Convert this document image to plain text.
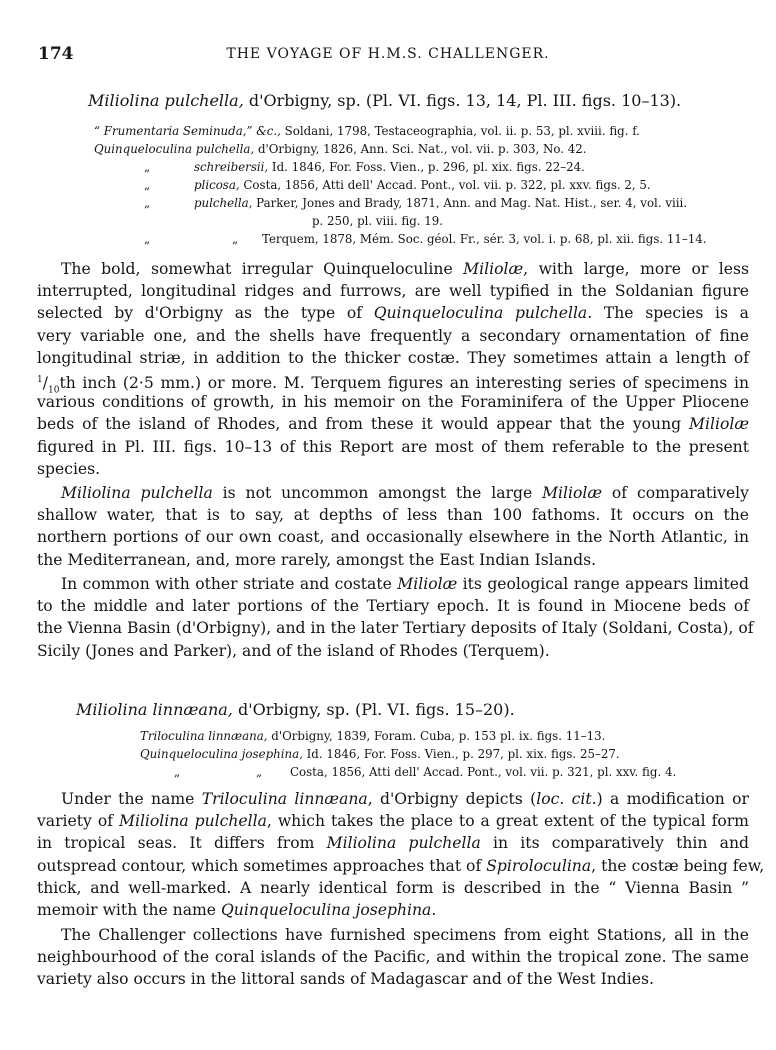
174	THE VOYAGE OF H.M.S. CHALLENGER.
Miliolina pulchella, d'Orbigny, sp. (Pl. VI. figs. 13, 14, Pl. III. figs. 10–13).
“ Frumentaria Seminuda,” &c., Soldani, 1798, Testaceographia, vol. ii. p. 53, pl. xviii. fig. f.
Quinqueloculina pulchella, d'Orbigny, 1826, Ann. Sci. Nat., vol. vii. p. 303, No. 42.
„	schreibersii, Id. 1846, For. Foss. Vien., p. 296, pl. xix. figs. 22–24.
„	plicosa, Costa, 1856, Atti dell' Accad. Pont., vol. vii. p. 322, pl. xxv. figs. 2, 5.
„	pulchella, Parker, Jones and Brady, 1871, Ann. and Mag. Nat. Hist., ser. 4, vol. viii.
p. 250, pl. viii. fig. 19.
„	„ Terquem, 1878, Mém. Soc. géol. Fr., sér. 3, vol. i. p. 68, pl. xii. figs. 11–14.
The bold, somewhat irregular Quinqueloculine Miliolæ, with large, more or less
interrupted, longitudinal ridges and furrows, are well typified in the Soldanian figure
selected by d'Orbigny as the type of Quinqueloculina pulchella. The species is a
very variable one, and the shells have frequently a secondary ornamentation of fine
longitudinal striæ, in addition to the thicker costæ. They sometimes attain a length of
$^1/_{10}th$ inch (2·5 mm.) or more. M. Terquem figures an interesting series of specimens in
various conditions of growth, in his memoir on the Foraminifera of the Upper Pliocene
beds of the island of Rhodes, and from these it would appear that the young Miliolæ
figured in Pl. III. figs. 10–13 of this Report are most of them referable to the present
species.
Miliolina pulchella is not uncommon amongst the large Miliolæ of comparatively
shallow water, that is to say, at depths of less than 100 fathoms. It occurs on the
northern portions of our own coast, and occasionally elsewhere in the North Atlantic, in
the Mediterranean, and, more rarely, amongst the East Indian Islands.
In common with other striate and costate Miliolæ its geological range appears limited
to the middle and later portions of the Tertiary epoch. It is found in Miocene beds of
the Vienna Basin (d'Orbigny), and in the later Tertiary deposits of Italy (Soldani, Costa), of
Sicily (Jones and Parker), and of the island of Rhodes (Terquem).
Miliolina linnæana, d'Orbigny, sp. (Pl. VI. figs. 15–20).
Triloculina linnæana, d'Orbigny, 1839, Foram. Cuba, p. 153 pl. ix. figs. 11–13.
Quinqueloculina josephina, Id. 1846, For. Foss. Vien., p. 297, pl. xix. figs. 25–27.
„	„ Costa, 1856, Atti dell' Accad. Pont., vol. vii. p. 321, pl. xxv. fig. 4.
Under the name Triloculina linnæana, d'Orbigny depicts (loc. cit.) a modification or
variety of Miliolina pulchella, which takes the place to a great extent of the typical form
in tropical seas. It differs from Miliolina pulchella in its comparatively thin and
outspread contour, which sometimes approaches that of Spiroloculina, the costæ being few,
thick, and well-marked. A nearly identical form is described in the “ Vienna Basin ”
memoir with the name Quinqueloculina josephina.
The Challenger collections have furnished specimens from eight Stations, all in the
neighbourhood of the coral islands of the Pacific, and within the tropical zone. The same
variety also occurs in the littoral sands of Madagascar and of the West Indies.
